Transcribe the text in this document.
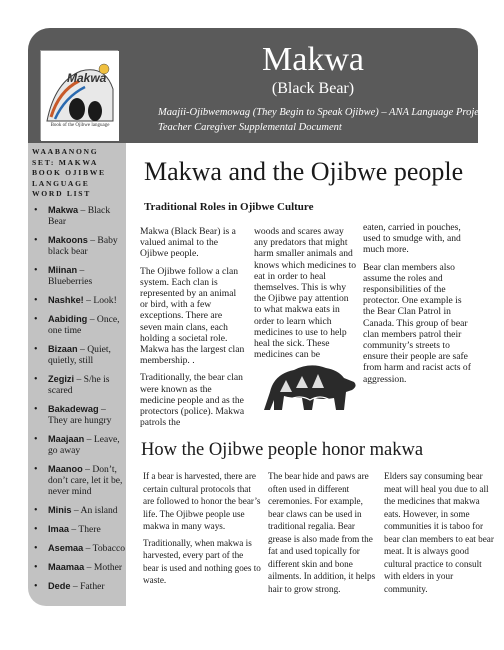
Makwa
(Black Bear)
Maajii-Ojibwemowag (They Begin to Speak Ojibwe) – ANA Language Project
Teacher Caregiver Supplemental Document
Makwa
Book of the Ojibwe language
WAABANONG SET: MAKWA BOOK OJIBWE LANGUAGE WORD LIST
• Makwa – Black Bear
• Makoons – Baby black bear
• Miinan – Blueberries
• Nashke! – Look!
• Aabiding – Once, one time
• Bizaan – Quiet, quietly, still
• Zegizi – S/he is scared
• Bakadewag – They are hungry
• Maajaan – Leave, go away
• Maanoo – Don’t, don’t care, let it be, never mind
• Minis – An island
• Imaa – There
• Asemaa – Tobacco
• Maamaa – Mother
• Dede – Father
Makwa and the Ojibwe people
Traditional Roles in Ojibwe Culture

Makwa (Black Bear) is a valued animal to the Ojibwe people.

The Ojibwe follow a clan system. Each clan is represented by an animal or bird, with a few exceptions. There are seven main clans, each holding a societal role. Makwa has the largest clan membership. .

Traditionally, the bear clan were known as the medicine people and as the protectors (police). Makwa patrols the

woods and scares away any predators that might harm smaller animals and knows which medicines to eat in order to heal themselves. This is why the Ojibwe pay attention to what makwa eats in order to learn which medicines to use to help heal the sick. These medicines can be

eaten, carried in pouches, used to smudge with, and much more.

Bear clan members also assume the roles and responsibilities of the protector. One example is the Bear Clan Patrol in Canada. This group of bear clan members patrol their community’s streets to ensure their people are safe from harm and racist acts of aggression.

How the Ojibwe people honor makwa

If a bear is harvested, there are certain cultural protocols that are followed to honor the bear’s life. The Ojibwe people use makwa in many ways.

Traditionally, when makwa is harvested, every part of the bear is used and nothing goes to waste.

The bear hide and paws are often used in different ceremonies. For example, bear claws can be used in traditional regalia. Bear grease is also made from the fat and used topically for different skin and bone ailments. In addition, it helps hair to grow strong.

Elders say consuming bear meat will heal you due to all the medicines that makwa eats. However, in some communities it is taboo for bear clan members to eat bear meat. It is always good cultural practice to consult with elders in your community.
